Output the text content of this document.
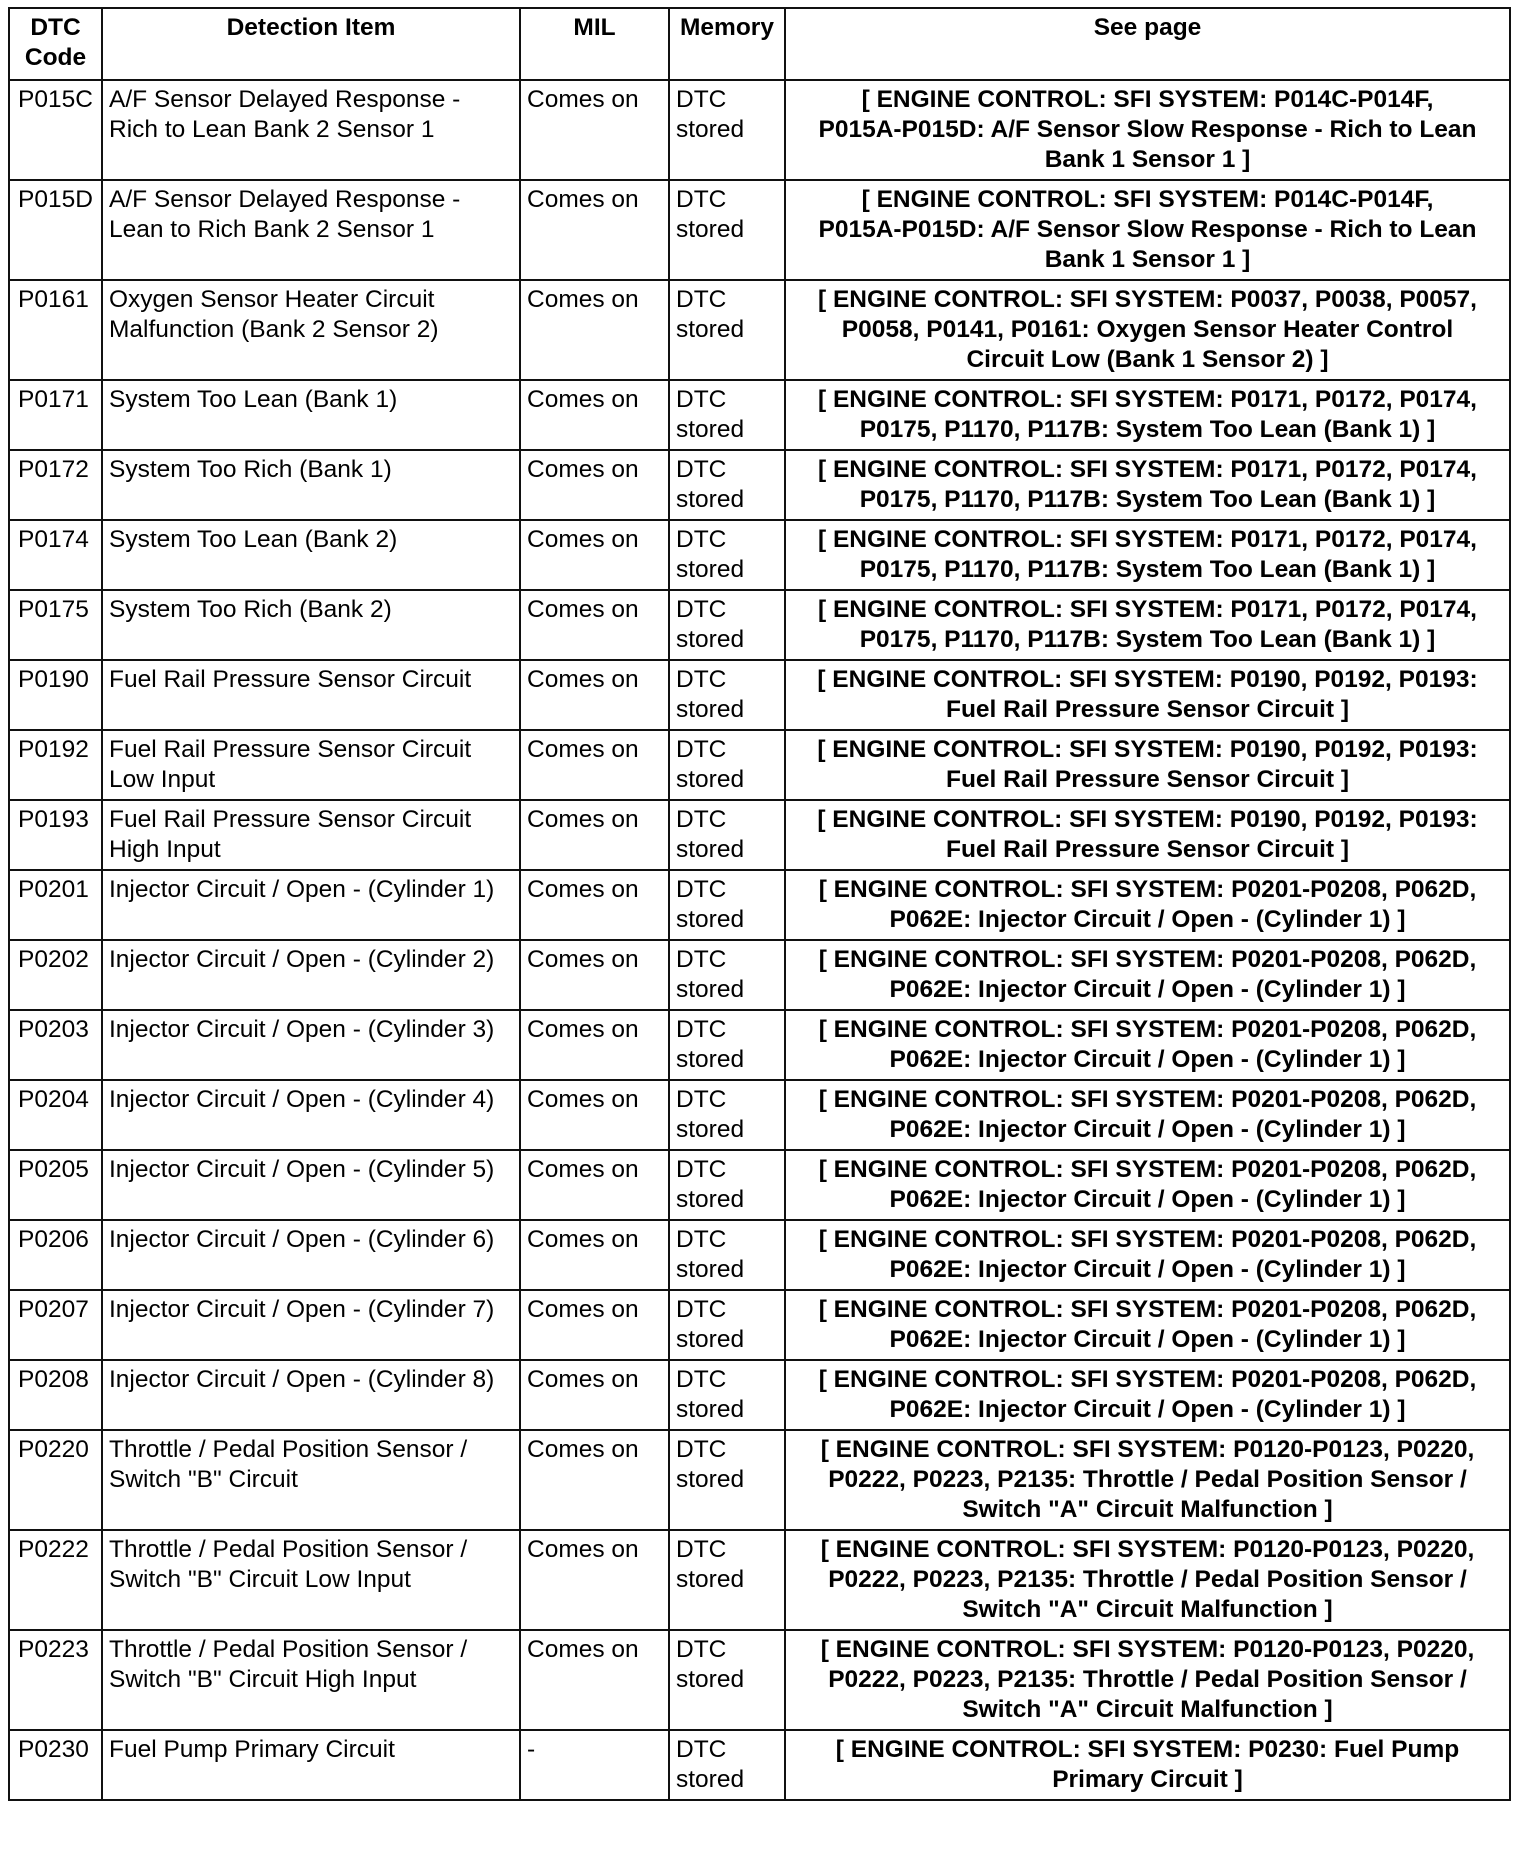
DTC
Code	Detection Item	MIL	Memory	See page
P015C	A/F Sensor Delayed Response -
Rich to Lean Bank 2 Sensor 1	Comes on	DTC
stored	[ ENGINE CONTROL: SFI SYSTEM: P014C-P014F,
P015A-P015D: A/F Sensor Slow Response - Rich to Lean
Bank 1 Sensor 1 ]
P015D	A/F Sensor Delayed Response -
Lean to Rich Bank 2 Sensor 1	Comes on	DTC
stored	[ ENGINE CONTROL: SFI SYSTEM: P014C-P014F,
P015A-P015D: A/F Sensor Slow Response - Rich to Lean
Bank 1 Sensor 1 ]
P0161	Oxygen Sensor Heater Circuit
Malfunction (Bank 2 Sensor 2)	Comes on	DTC
stored	[ ENGINE CONTROL: SFI SYSTEM: P0037, P0038, P0057,
P0058, P0141, P0161: Oxygen Sensor Heater Control
Circuit Low (Bank 1 Sensor 2) ]
P0171	System Too Lean (Bank 1)	Comes on	DTC
stored	[ ENGINE CONTROL: SFI SYSTEM: P0171, P0172, P0174,
P0175, P1170, P117B: System Too Lean (Bank 1) ]
P0172	System Too Rich (Bank 1)	Comes on	DTC
stored	[ ENGINE CONTROL: SFI SYSTEM: P0171, P0172, P0174,
P0175, P1170, P117B: System Too Lean (Bank 1) ]
P0174	System Too Lean (Bank 2)	Comes on	DTC
stored	[ ENGINE CONTROL: SFI SYSTEM: P0171, P0172, P0174,
P0175, P1170, P117B: System Too Lean (Bank 1) ]
P0175	System Too Rich (Bank 2)	Comes on	DTC
stored	[ ENGINE CONTROL: SFI SYSTEM: P0171, P0172, P0174,
P0175, P1170, P117B: System Too Lean (Bank 1) ]
P0190	Fuel Rail Pressure Sensor Circuit	Comes on	DTC
stored	[ ENGINE CONTROL: SFI SYSTEM: P0190, P0192, P0193:
Fuel Rail Pressure Sensor Circuit ]
P0192	Fuel Rail Pressure Sensor Circuit
Low Input	Comes on	DTC
stored	[ ENGINE CONTROL: SFI SYSTEM: P0190, P0192, P0193:
Fuel Rail Pressure Sensor Circuit ]
P0193	Fuel Rail Pressure Sensor Circuit
High Input	Comes on	DTC
stored	[ ENGINE CONTROL: SFI SYSTEM: P0190, P0192, P0193:
Fuel Rail Pressure Sensor Circuit ]
P0201	Injector Circuit / Open - (Cylinder 1)	Comes on	DTC
stored	[ ENGINE CONTROL: SFI SYSTEM: P0201-P0208, P062D,
P062E: Injector Circuit / Open - (Cylinder 1) ]
P0202	Injector Circuit / Open - (Cylinder 2)	Comes on	DTC
stored	[ ENGINE CONTROL: SFI SYSTEM: P0201-P0208, P062D,
P062E: Injector Circuit / Open - (Cylinder 1) ]
P0203	Injector Circuit / Open - (Cylinder 3)	Comes on	DTC
stored	[ ENGINE CONTROL: SFI SYSTEM: P0201-P0208, P062D,
P062E: Injector Circuit / Open - (Cylinder 1) ]
P0204	Injector Circuit / Open - (Cylinder 4)	Comes on	DTC
stored	[ ENGINE CONTROL: SFI SYSTEM: P0201-P0208, P062D,
P062E: Injector Circuit / Open - (Cylinder 1) ]
P0205	Injector Circuit / Open - (Cylinder 5)	Comes on	DTC
stored	[ ENGINE CONTROL: SFI SYSTEM: P0201-P0208, P062D,
P062E: Injector Circuit / Open - (Cylinder 1) ]
P0206	Injector Circuit / Open - (Cylinder 6)	Comes on	DTC
stored	[ ENGINE CONTROL: SFI SYSTEM: P0201-P0208, P062D,
P062E: Injector Circuit / Open - (Cylinder 1) ]
P0207	Injector Circuit / Open - (Cylinder 7)	Comes on	DTC
stored	[ ENGINE CONTROL: SFI SYSTEM: P0201-P0208, P062D,
P062E: Injector Circuit / Open - (Cylinder 1) ]
P0208	Injector Circuit / Open - (Cylinder 8)	Comes on	DTC
stored	[ ENGINE CONTROL: SFI SYSTEM: P0201-P0208, P062D,
P062E: Injector Circuit / Open - (Cylinder 1) ]
P0220	Throttle / Pedal Position Sensor /
Switch "B" Circuit	Comes on	DTC
stored	[ ENGINE CONTROL: SFI SYSTEM: P0120-P0123, P0220,
P0222, P0223, P2135: Throttle / Pedal Position Sensor /
Switch "A" Circuit Malfunction ]
P0222	Throttle / Pedal Position Sensor /
Switch "B" Circuit Low Input	Comes on	DTC
stored	[ ENGINE CONTROL: SFI SYSTEM: P0120-P0123, P0220,
P0222, P0223, P2135: Throttle / Pedal Position Sensor /
Switch "A" Circuit Malfunction ]
P0223	Throttle / Pedal Position Sensor /
Switch "B" Circuit High Input	Comes on	DTC
stored	[ ENGINE CONTROL: SFI SYSTEM: P0120-P0123, P0220,
P0222, P0223, P2135: Throttle / Pedal Position Sensor /
Switch "A" Circuit Malfunction ]
P0230	Fuel Pump Primary Circuit	-	DTC
stored	[ ENGINE CONTROL: SFI SYSTEM: P0230: Fuel Pump
Primary Circuit ]
